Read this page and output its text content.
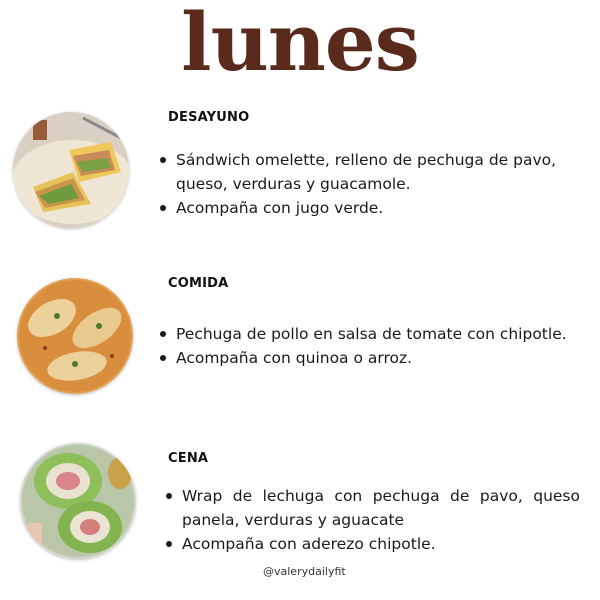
lunes
DESAYUNO
Sándwich omelette, relleno de pechuga de pavo, queso, verduras y guacamole.
Acompaña con jugo verde.
COMIDA
Pechuga de pollo en salsa de tomate con chipotle.
Acompaña con quinoa o arroz.
CENA
Wrap de lechuga con pechuga de pavo, queso panela, verduras y aguacate
Acompaña con aderezo chipotle.
@valerydailyfit
